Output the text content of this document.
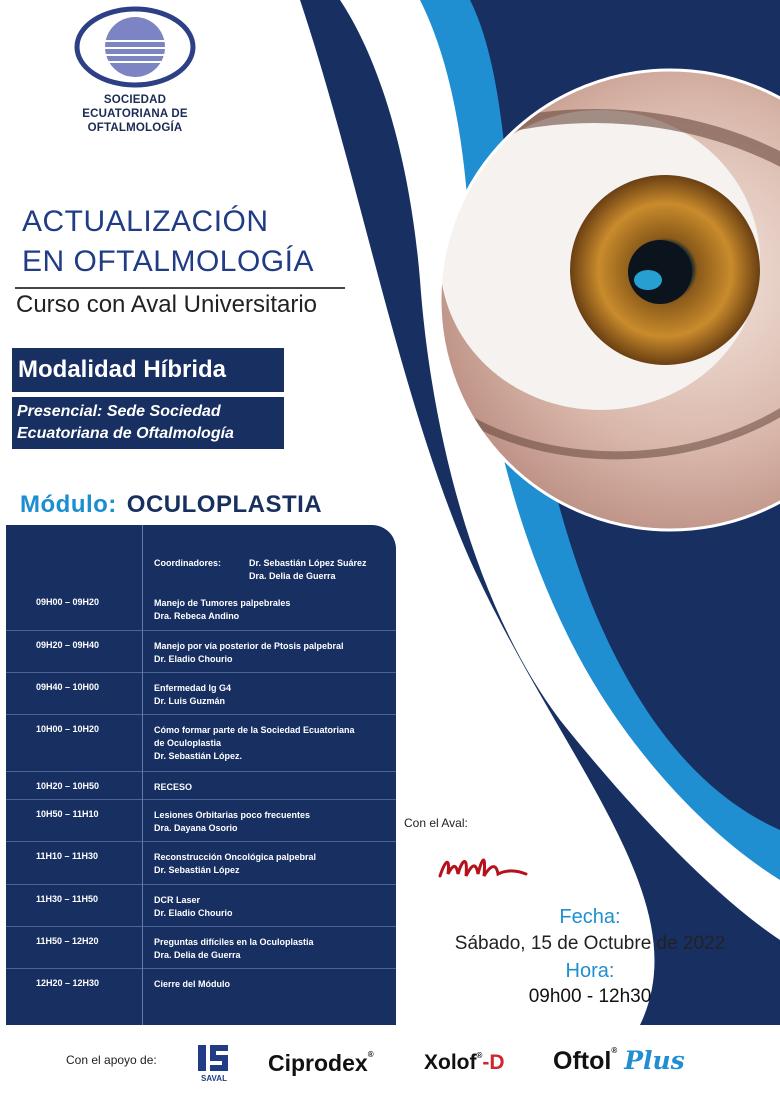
SOCIEDAD
ECUATORIANA DE
OFTALMOLOGÍA
ACTUALIZACIÓN
EN OFTALMOLOGÍA
Curso con Aval Universitario
Modalidad Híbrida
Presencial: Sede Sociedad
Ecuatoriana de Oftalmología
Módulo: OCULOPLASTIA
Coordinadores:	Dr. Sebastián López Suárez
Dra. Delia de Guerra
09H00 – 09H20	Manejo de Tumores palpebrales
Dra. Rebeca Andino
09H20 – 09H40	Manejo por vía posterior de Ptosis palpebral
Dr. Eladio Chourio
09H40 – 10H00	Enfermedad Ig G4
Dr. Luis Guzmán
10H00 – 10H20	Cómo formar parte de la Sociedad Ecuatoriana
de Oculoplastia
Dr. Sebastián López.
10H20 – 10H50	RECESO
10H50 – 11H10	Lesiones Orbitarias poco frecuentes
Dra. Dayana Osorio
11H10 – 11H30	Reconstrucción Oncológica palpebral
Dr. Sebastián López
11H30 – 11H50	DCR Laser
Dr. Eladio Chourio
11H50 – 12H20	Preguntas difíciles en la Oculoplastia
Dra. Delia de Guerra
12H20 – 12H30	Cierre del Módulo
Con el Aval:
Fecha:
Sábado, 15 de Octubre de 2022
Hora:
09h00 - 12h30
Con el apoyo de:
SAVAL
Ciprodex® Xolof®-D Oftol® Plus
